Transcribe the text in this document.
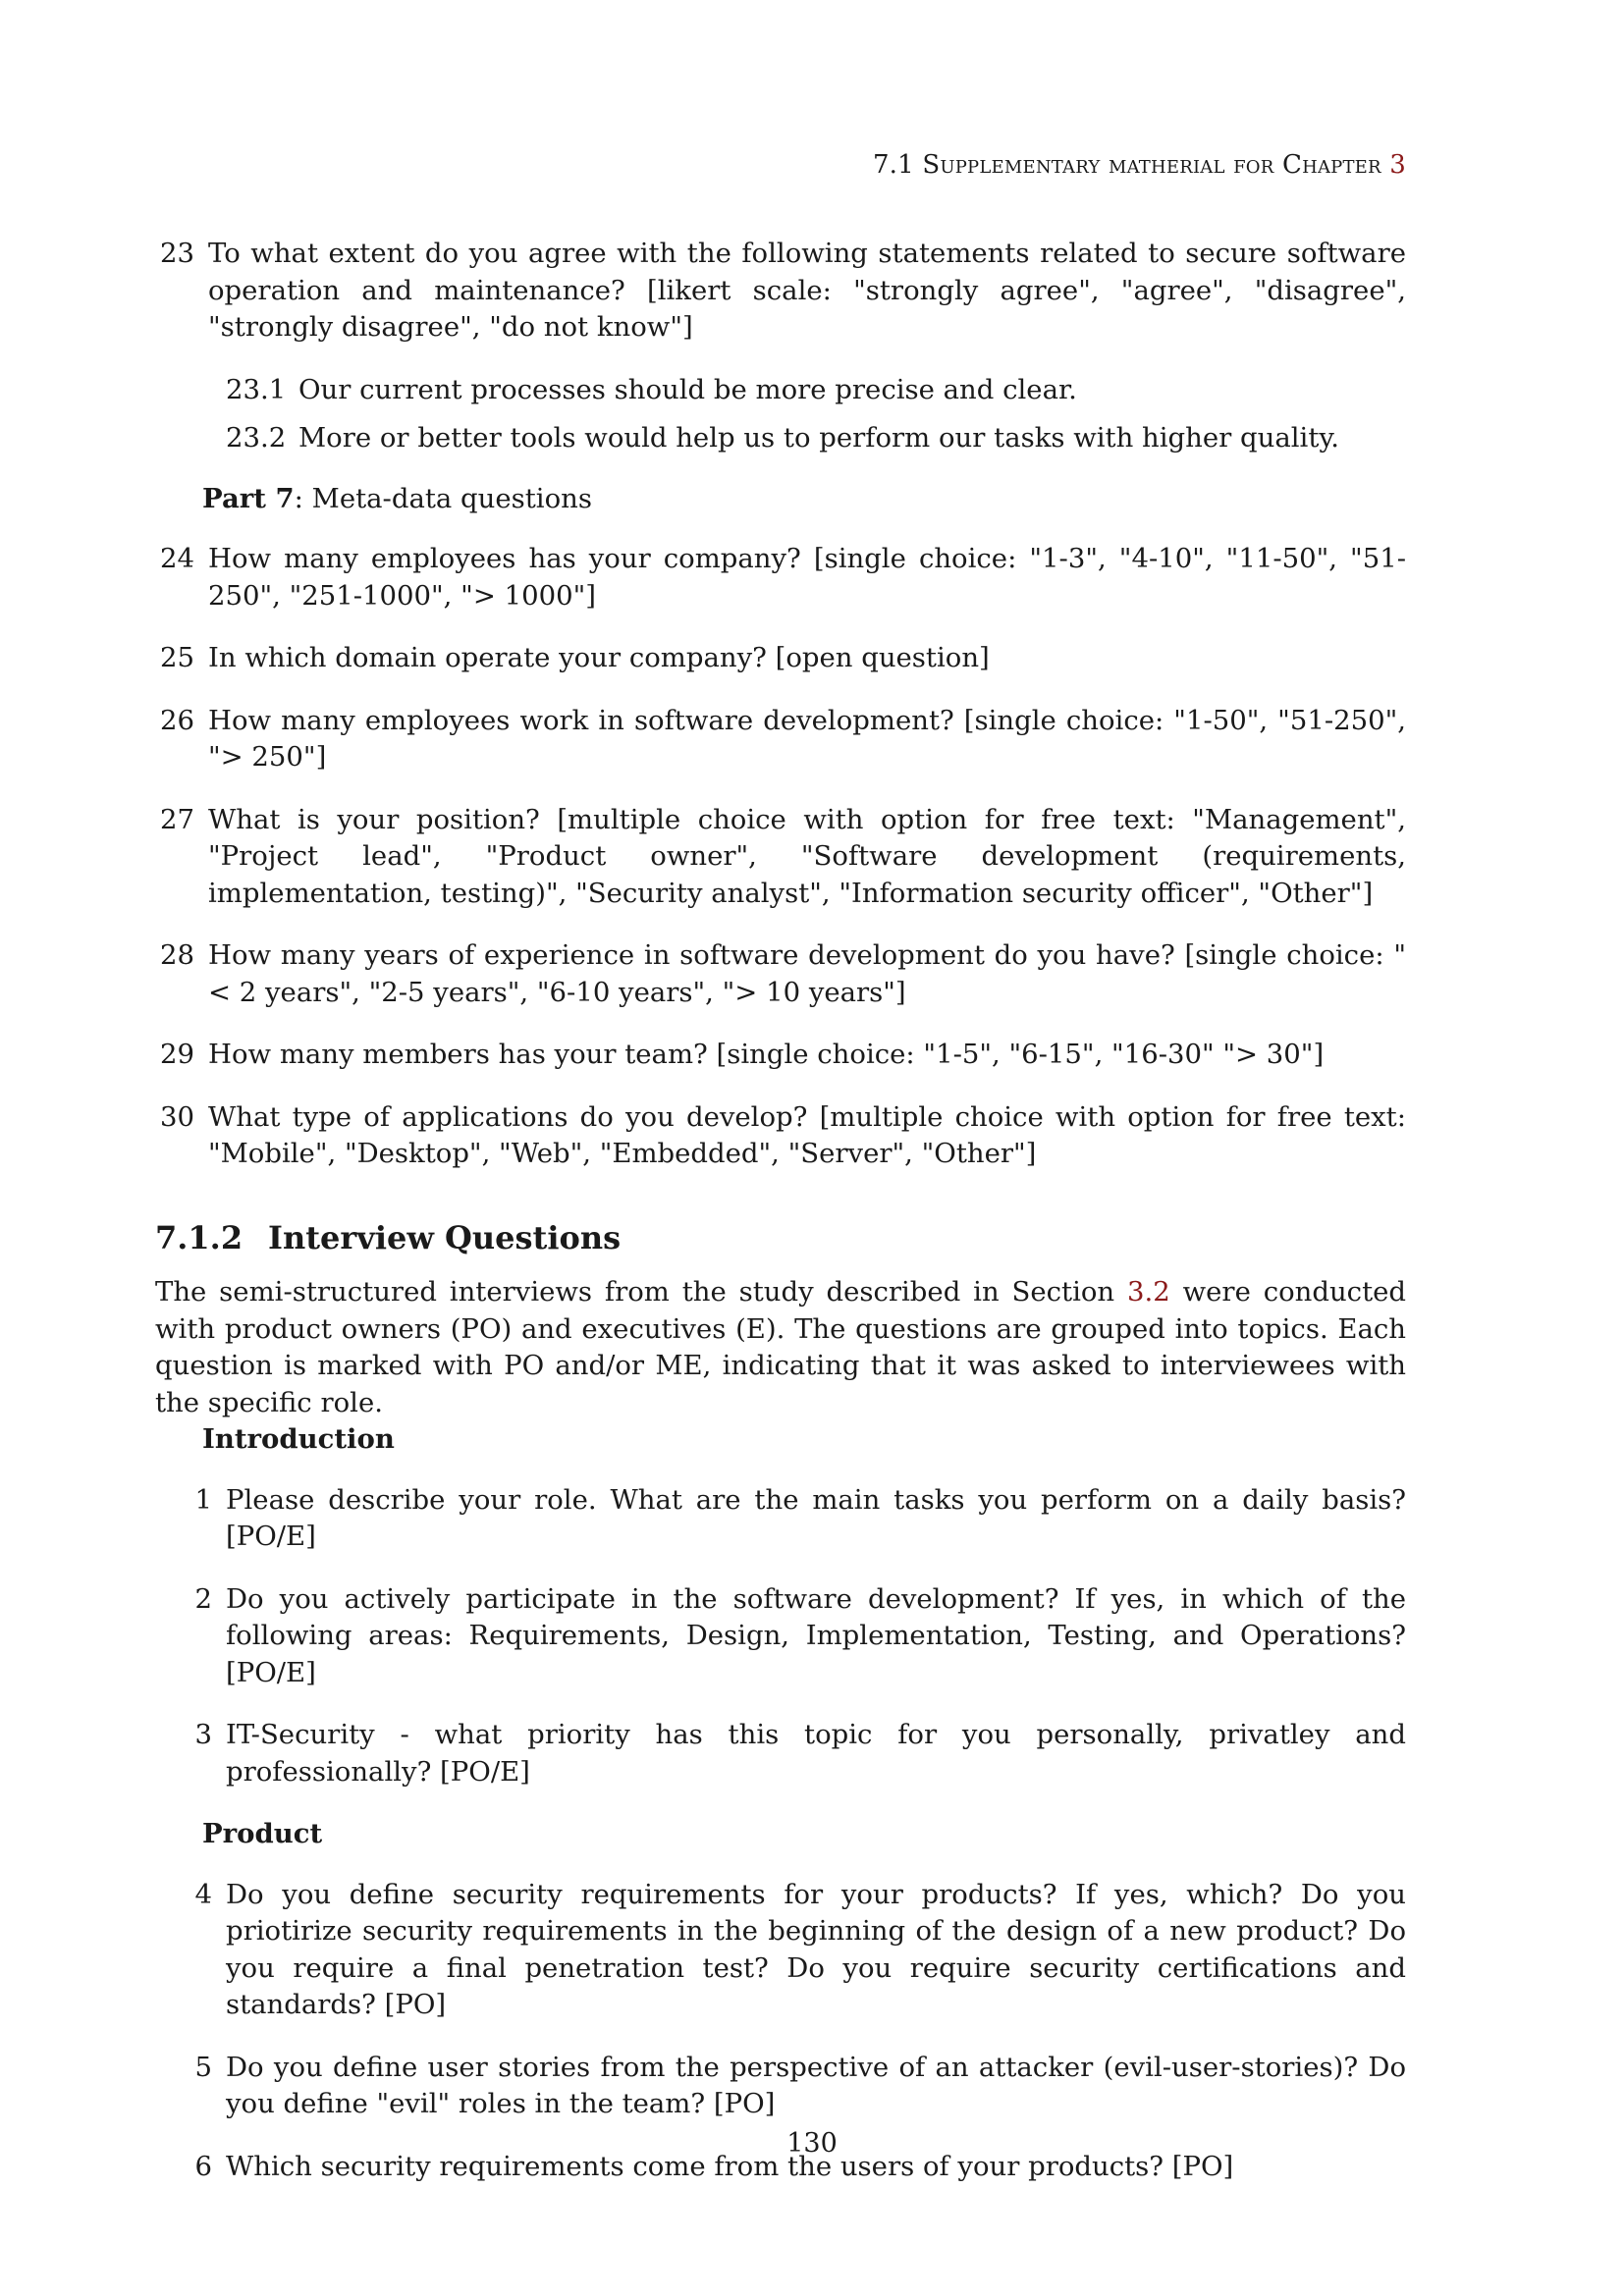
7.1 Supplementary matherial for Chapter 3
23 To what extent do you agree with the following statements related to secure software operation and maintenance? [likert scale: "strongly agree", "agree", "disagree", "strongly disagree", "do not know"]
23.1 Our current processes should be more precise and clear.
23.2 More or better tools would help us to perform our tasks with higher quality.
Part 7: Meta-data questions
24 How many employees has your company? [single choice: "1-3", "4-10", "11-50", "51-250", "251-1000", "> 1000"]
25 In which domain operate your company? [open question]
26 How many employees work in software development? [single choice: "1-50", "51-250", "> 250"]
27 What is your position? [multiple choice with option for free text: "Management", "Project lead", "Product owner", "Software development (requirements, implementation, testing)", "Security analyst", "Information security officer", "Other"]
28 How many years of experience in software development do you have? [single choice: "< 2 years", "2-5 years", "6-10 years", "> 10 years"]
29 How many members has your team? [single choice: "1-5", "6-15", "16-30" "> 30"]
30 What type of applications do you develop? [multiple choice with option for free text: "Mobile", "Desktop", "Web", "Embedded", "Server", "Other"]
7.1.2 Interview Questions
The semi-structured interviews from the study described in Section 3.2 were conducted with product owners (PO) and executives (E). The questions are grouped into topics. Each question is marked with PO and/or ME, indicating that it was asked to interviewees with the specific role.
Introduction
1 Please describe your role. What are the main tasks you perform on a daily basis? [PO/E]
2 Do you actively participate in the software development? If yes, in which of the following areas: Requirements, Design, Implementation, Testing, and Operations? [PO/E]
3 IT-Security - what priority has this topic for you personally, privatley and professionally? [PO/E]
Product
4 Do you define security requirements for your products? If yes, which? Do you priotirize security requirements in the beginning of the design of a new product? Do you require a final penetration test? Do you require security certifications and standards? [PO]
5 Do you define user stories from the perspective of an attacker (evil-user-stories)? Do you define "evil" roles in the team? [PO]
6 Which security requirements come from the users of your products? [PO]
130
